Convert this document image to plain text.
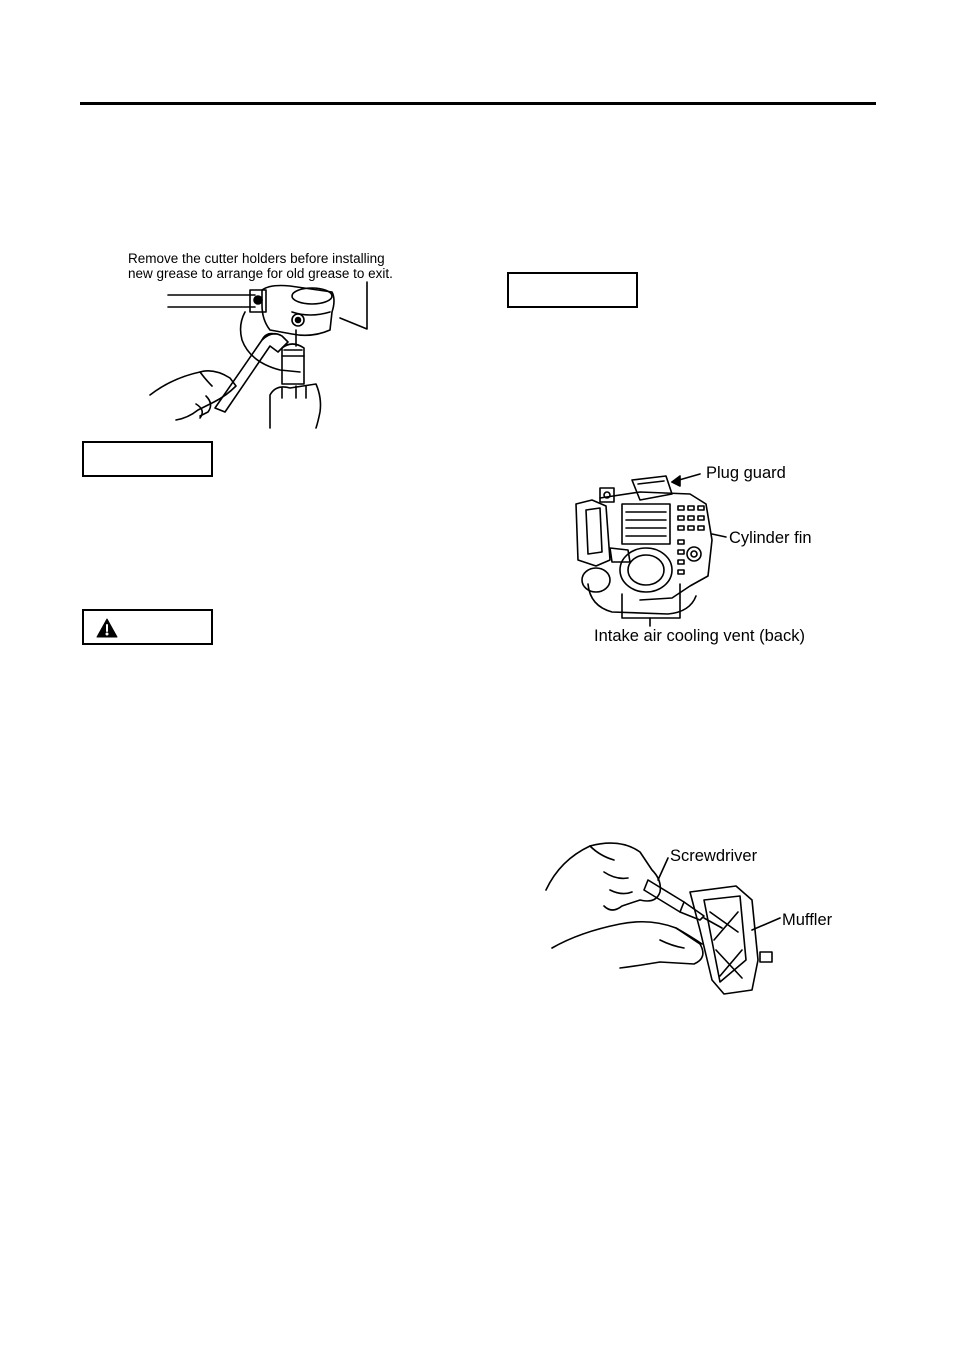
Remove the cutter holders before installing
new grease to arrange for old grease to exit.
Plug guard
Cylinder fin
Intake air cooling vent (back)
Screwdriver
Muffler
